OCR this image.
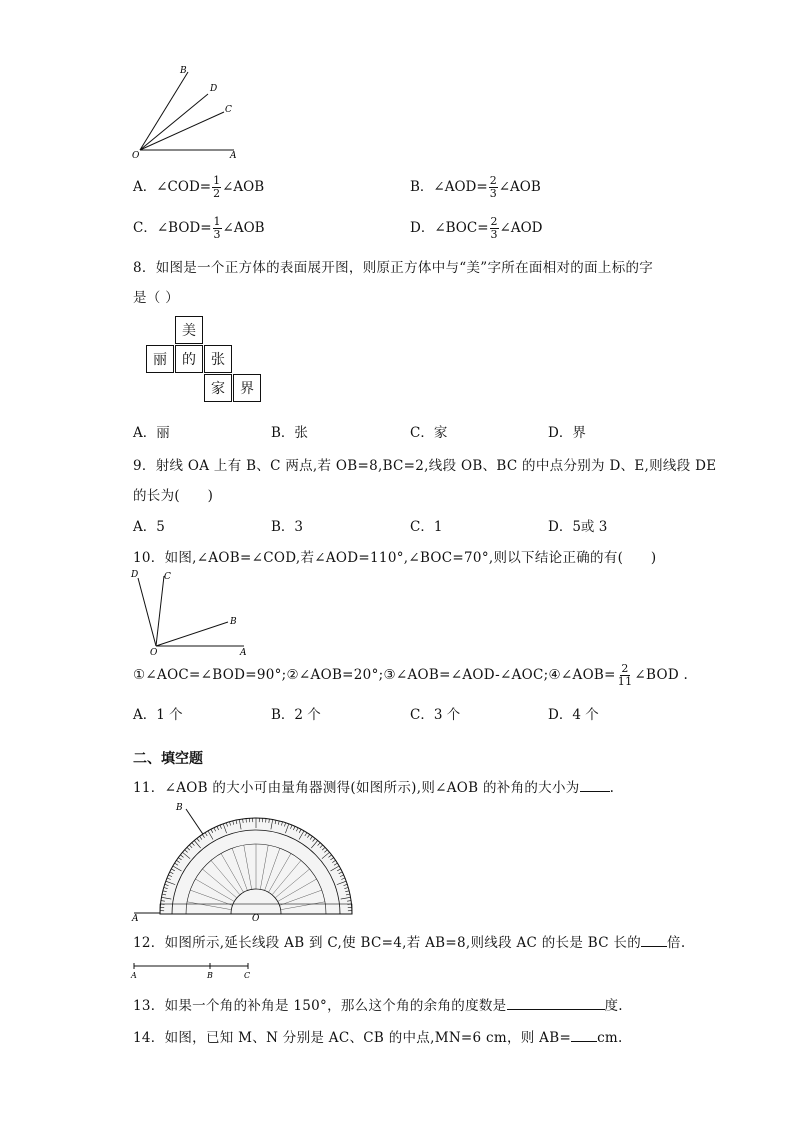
B
D
C
O	A
A．∠COD= $\frac{1}{2}$ ∠AOB	B．∠AOD= $\frac{2}{3}$ ∠AOB
C．∠BOD= $\frac{1}{3}$ ∠AOB	D．∠BOC= $\frac{2}{3}$ ∠AOD
8．如图是一个正方体的表面展开图，则原正方体中与“美”字所在面相对的面上标的字
是（ ）
美
丽	的	张
家	界
A．丽	B．张	C．家	D．界
9．射线 OA 上有 B、C 两点,若 OB=8,BC=2,线段 OB、BC 的中点分别为 D、E,则线段 DE
的长为(　　)
A．5	B．3	C．1	D．5或 3
10．如图,∠AOB=∠COD,若∠AOD=110°,∠BOC=70°,则以下结论正确的有(　　)
D	C
B
O	A
①∠AOC=∠BOD=90°;②∠AOB=20°;③∠AOB=∠AOD-∠AOC;④∠AOB= $\frac{2}{11}$ ∠BOD .
A．1 个	B．2 个	C．3 个	D．4 个
二、填空题
11．∠AOB 的大小可由量角器测得(如图所示),则∠AOB 的补角的大小为 .
B
A	O
12．如图所示,延长线段 AB 到 C,使 BC=4,若 AB=8,则线段 AC 的长是 BC 长的 倍.
A	B	C
13．如果一个角的补角是 150°，那么这个角的余角的度数是	度.
14．如图，已知 M、N 分别是 AC、CB 的中点,MN=6 cm，则 AB= cm.
